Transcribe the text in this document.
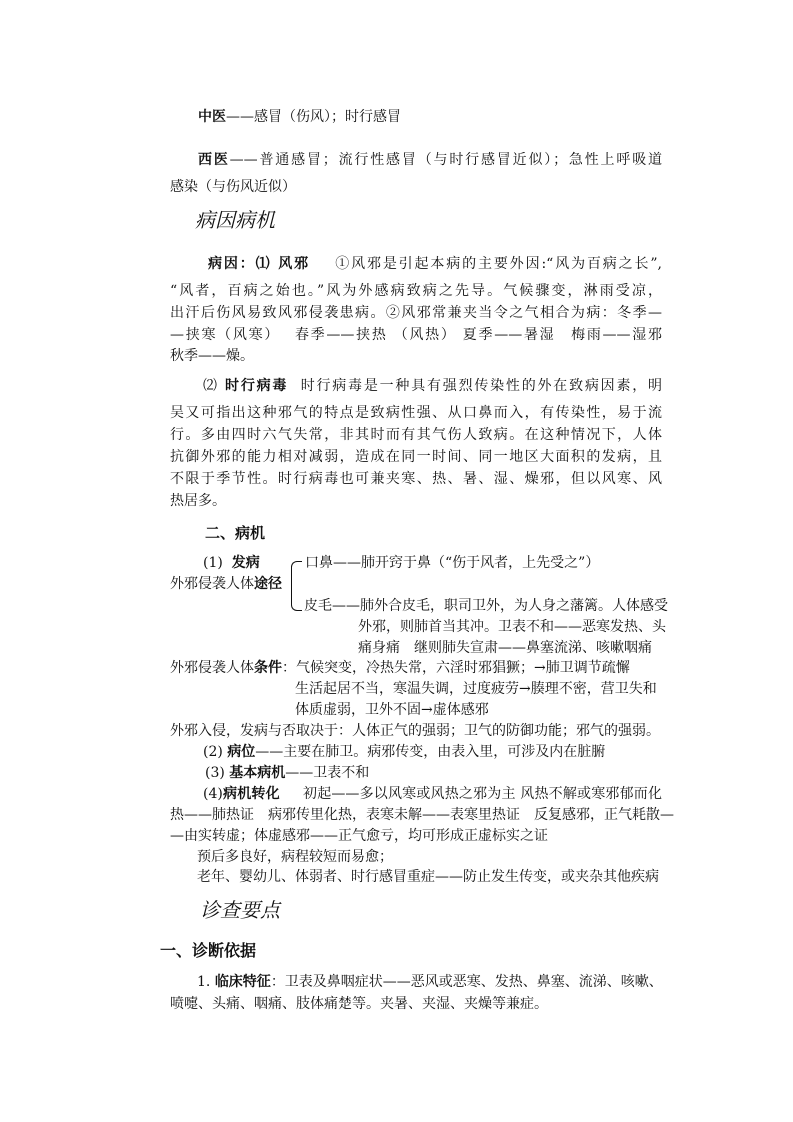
中医——感冒（伤风）；时行感冒
西医——普通感冒；流行性感冒（与时行感冒近似）；急性上呼吸道
感染（与伤风近似）
病因病机
病因：⑴ 风邪 ①风邪是引起本病的主要外因:“风为百病之长”,
“风者，百病之始也。”风为外感病致病之先导。气候骤变，淋雨受凉，
出汗后伤风易致风邪侵袭患病。②风邪常兼夹当令之气相合为病：冬季—
—挟寒（风寒）　 春季——挟热 （风热） 夏季——暑湿　梅雨——湿邪
秋季——燥。
⑵ 时行病毒 时行病毒是一种具有强烈传染性的外在致病因素，明
吴又可指出这种邪气的特点是致病性强、从口鼻而入，有传染性，易于流
行。多由四时六气失常，非其时而有其气伤人致病。在这种情况下，人体
抗御外邪的能力相对减弱，造成在同一时间、同一地区大面积的发病，且
不限于季节性。时行病毒也可兼夹寒、热、暑、湿、燥邪，但以风寒、风
热居多。
二、病机
(1) 发病	口鼻——肺开窍于鼻（“伤于风者，上先受之”）
外邪侵袭人体途径
皮毛——肺外合皮毛，职司卫外，为人身之藩篱。人体感受
外邪，则肺首当其冲。卫表不和——恶寒发热、头
痛身痛　继则肺失宣肃——鼻塞流涕、咳嗽咽痛
外邪侵袭人体条件：气候突变，冷热失常，六淫时邪猖獗；→肺卫调节疏懈
生活起居不当，寒温失调，过度疲劳→腠理不密，营卫失和
体质虚弱，卫外不固→虚体感邪
外邪入侵，发病与否取决于：人体正气的强弱；卫气的防御功能；邪气的强弱。
(2) 病位——主要在肺卫。病邪传变，由表入里，可涉及内在脏腑
(3) 基本病机——卫表不和
(4)病机转化 初起——多以风寒或风热之邪为主 风热不解或寒邪郁而化
热——肺热证　病邪传里化热，表寒未解——表寒里热证　反复感邪，正气耗散—
—由实转虚；体虚感邪——正气愈亏，均可形成正虚标实之证
预后多良好，病程较短而易愈；
老年、婴幼儿、体弱者、时行感冒重症——防止发生传变，或夹杂其他疾病
诊查要点
一、诊断依据
1. 临床特征：卫表及鼻咽症状——恶风或恶寒、发热、鼻塞、流涕、咳嗽、
喷嚏、头痛、咽痛、肢体痛楚等。夹暑、夹湿、夹燥等兼症。
